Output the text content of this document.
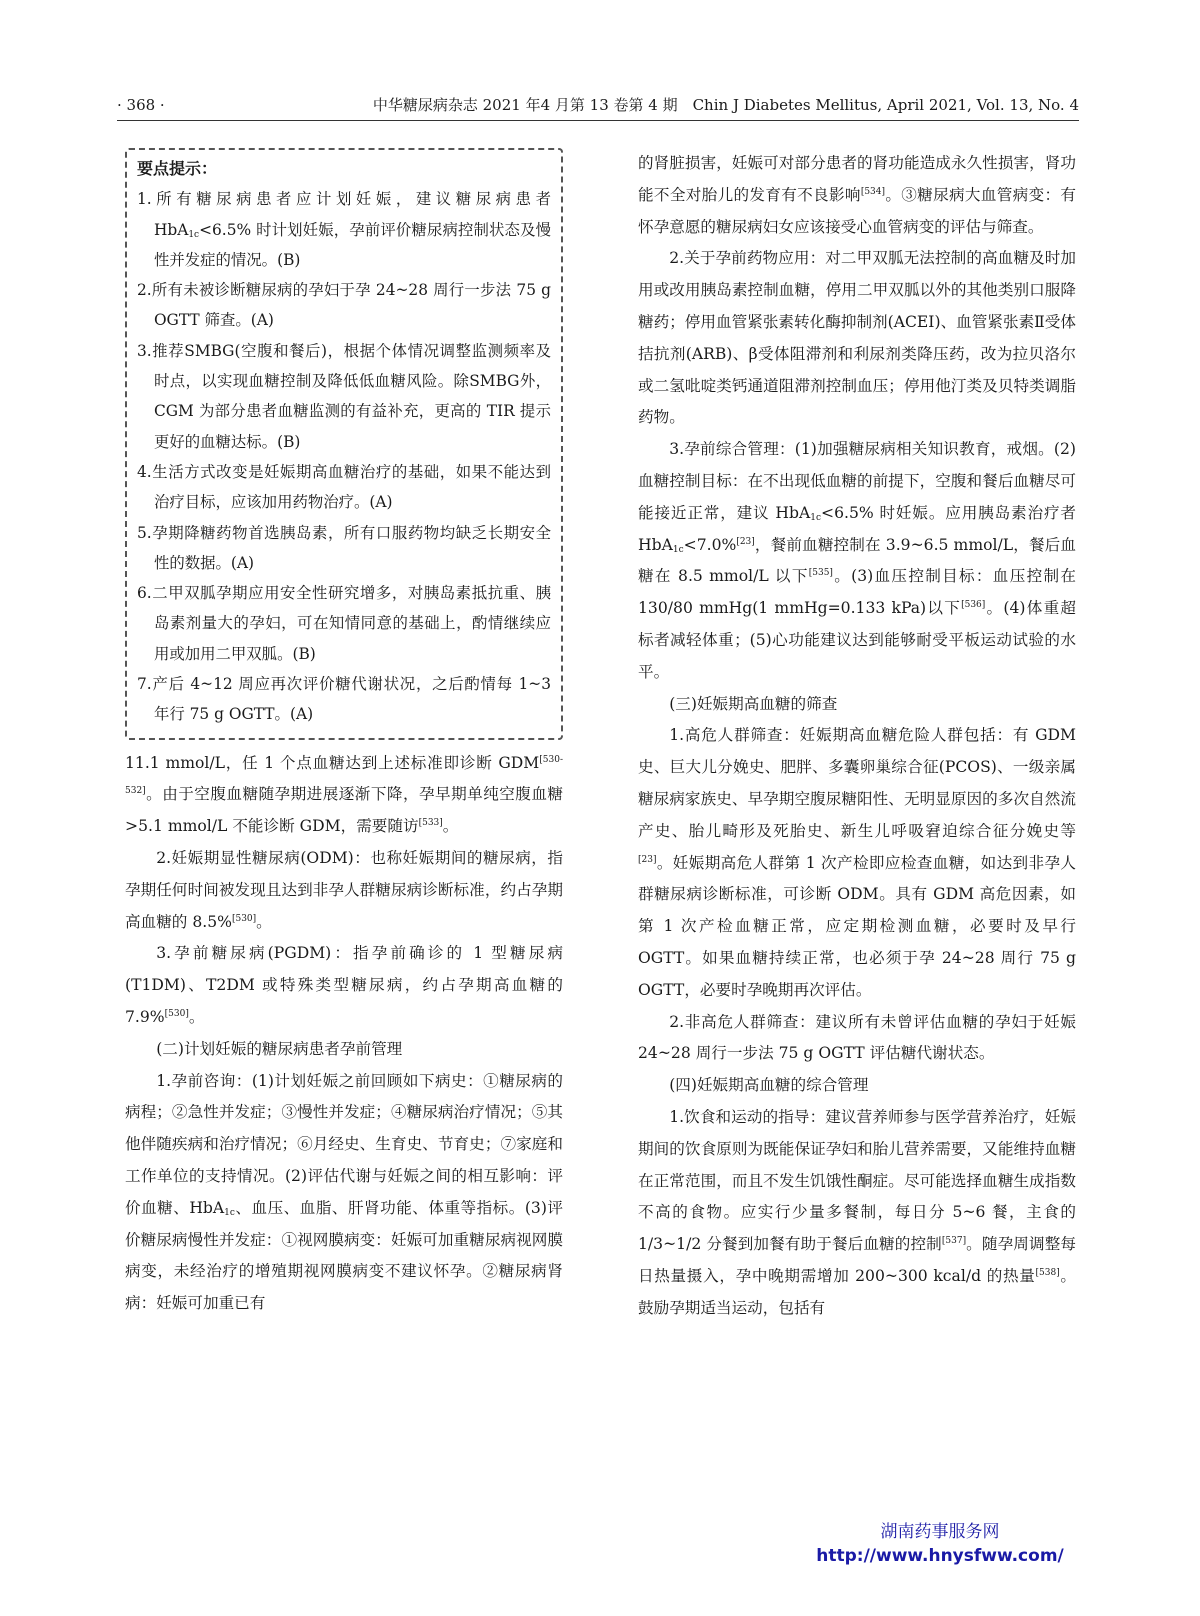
· 368 ·	中华糖尿病杂志 2021 年4 月第 13 卷第 4 期　Chin J Diabetes Mellitus, April 2021, Vol. 13, No. 4
要点提示：
1.所有糖尿病患者应计划妊娠，建议糖尿病患者HbA$_{1c}$<6.5% 时计划妊娠，孕前评价糖尿病控制状态及慢性并发症的情况。(B)
2.所有未被诊断糖尿病的孕妇于孕 24~28 周行一步法 75 g OGTT 筛查。(A)
3.推荐SMBG(空腹和餐后)，根据个体情况调整监测频率及时点，以实现血糖控制及降低低血糖风险。除SMBG外，CGM 为部分患者血糖监测的有益补充，更高的 TIR 提示更好的血糖达标。(B)
4.生活方式改变是妊娠期高血糖治疗的基础，如果不能达到治疗目标，应该加用药物治疗。(A)
5.孕期降糖药物首选胰岛素，所有口服药物均缺乏长期安全性的数据。(A)
6.二甲双胍孕期应用安全性研究增多，对胰岛素抵抗重、胰岛素剂量大的孕妇，可在知情同意的基础上，酌情继续应用或加用二甲双胍。(B)
7.产后 4~12 周应再次评价糖代谢状况，之后酌情每 1~3 年行 75 g OGTT。(A)

11.1 mmol/L，任 1 个点血糖达到上述标准即诊断 GDM[530-532]。由于空腹血糖随孕期进展逐渐下降，孕早期单纯空腹血糖>5.1 mmol/L 不能诊断 GDM，需要随访[533]。

2.妊娠期显性糖尿病(ODM)：也称妊娠期间的糖尿病，指孕期任何时间被发现且达到非孕人群糖尿病诊断标准，约占孕期高血糖的 8.5%[530]。

3.孕前糖尿病(PGDM)：指孕前确诊的 1 型糖尿病(T1DM)、T2DM 或特殊类型糖尿病，约占孕期高血糖的 7.9%[530]。

(二)计划妊娠的糖尿病患者孕前管理

1.孕前咨询：(1)计划妊娠之前回顾如下病史：①糖尿病的病程；②急性并发症；③慢性并发症；④糖尿病治疗情况；⑤其他伴随疾病和治疗情况；⑥月经史、生育史、节育史；⑦家庭和工作单位的支持情况。(2)评估代谢与妊娠之间的相互影响：评价血糖、HbA$_{1c}$、血压、血脂、肝肾功能、体重等指标。(3)评价糖尿病慢性并发症：①视网膜病变：妊娠可加重糖尿病视网膜病变，未经治疗的增殖期视网膜病变不建议怀孕。②糖尿病肾病：妊娠可加重已有

的肾脏损害，妊娠可对部分患者的肾功能造成永久性损害，肾功能不全对胎儿的发育有不良影响[534]。③糖尿病大血管病变：有怀孕意愿的糖尿病妇女应该接受心血管病变的评估与筛查。

2.关于孕前药物应用：对二甲双胍无法控制的高血糖及时加用或改用胰岛素控制血糖，停用二甲双胍以外的其他类别口服降糖药；停用血管紧张素转化酶抑制剂(ACEI)、血管紧张素Ⅱ受体拮抗剂(ARB)、β受体阻滞剂和利尿剂类降压药，改为拉贝洛尔或二氢吡啶类钙通道阻滞剂控制血压；停用他汀类及贝特类调脂药物。

3.孕前综合管理：(1)加强糖尿病相关知识教育，戒烟。(2)血糖控制目标：在不出现低血糖的前提下，空腹和餐后血糖尽可能接近正常，建议 HbA$_{1c}$<6.5% 时妊娠。应用胰岛素治疗者 HbA$_{1c}$<7.0%[23]，餐前血糖控制在 3.9~6.5 mmol/L，餐后血糖在 8.5 mmol/L 以下[535]。(3)血压控制目标：血压控制在 130/80 mmHg(1 mmHg=0.133 kPa)以下[536]。(4)体重超标者减轻体重；(5)心功能建议达到能够耐受平板运动试验的水平。

(三)妊娠期高血糖的筛查

1.高危人群筛查：妊娠期高血糖危险人群包括：有 GDM 史、巨大儿分娩史、肥胖、多囊卵巢综合征(PCOS)、一级亲属糖尿病家族史、早孕期空腹尿糖阳性、无明显原因的多次自然流产史、胎儿畸形及死胎史、新生儿呼吸窘迫综合征分娩史等[23]。妊娠期高危人群第 1 次产检即应检查血糖，如达到非孕人群糖尿病诊断标准，可诊断 ODM。具有 GDM 高危因素，如第 1 次产检血糖正常，应定期检测血糖，必要时及早行 OGTT。如果血糖持续正常，也必须于孕 24~28 周行 75 g OGTT，必要时孕晚期再次评估。

2.非高危人群筛查：建议所有未曾评估血糖的孕妇于妊娠 24~28 周行一步法 75 g OGTT 评估糖代谢状态。

(四)妊娠期高血糖的综合管理

1.饮食和运动的指导：建议营养师参与医学营养治疗，妊娠期间的饮食原则为既能保证孕妇和胎儿营养需要，又能维持血糖在正常范围，而且不发生饥饿性酮症。尽可能选择血糖生成指数不高的食物。应实行少量多餐制，每日分 5~6 餐，主食的 1/3~1/2 分餐到加餐有助于餐后血糖的控制[537]。随孕周调整每日热量摄入，孕中晚期需增加 200~300 kcal/d 的热量[538]。鼓励孕期适当运动，包括有

湖南药事服务网
http://www.hnysfww.com/
